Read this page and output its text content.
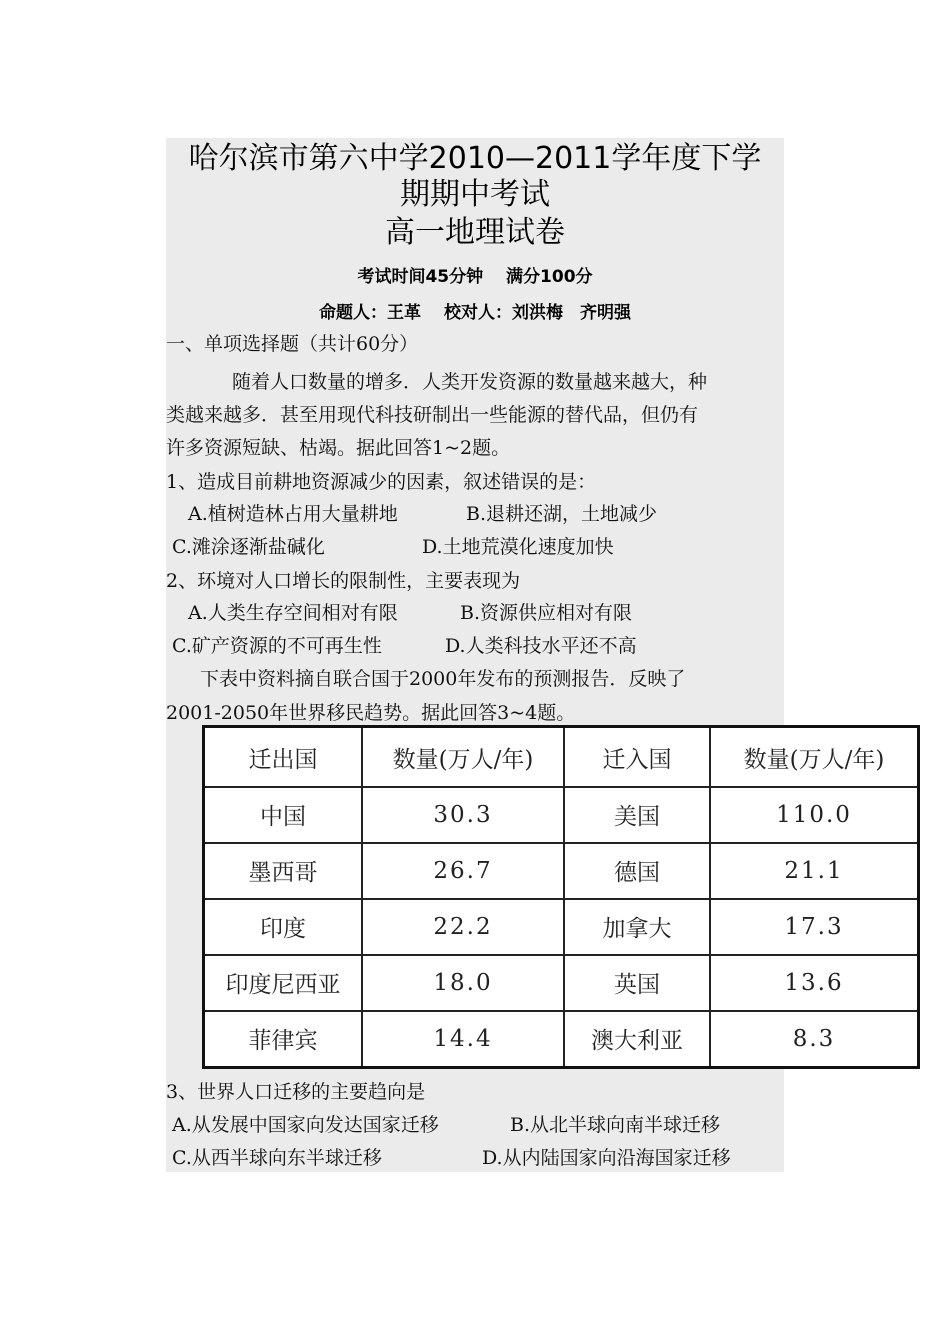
哈尔滨市第六中学2010—2011学年度下学
期期中考试
高一地理试卷
考试时间45分钟　 满分100分
命题人：王革　 校对人：刘洪梅　齐明强
一、单项选择题（共计60分）
随着人口数量的增多．人类开发资源的数量越来越大，种
类越来越多．甚至用现代科技研制出一些能源的替代品，但仍有
许多资源短缺、枯竭。据此回答1~2题。
1、造成目前耕地资源减少的因素，叙述错误的是：
A.植树造林占用大量耕地	B.退耕还湖，土地减少
C.滩涂逐渐盐碱化	D.土地荒漠化速度加快
2、环境对人口增长的限制性，主要表现为
A.人类生存空间相对有限	B.资源供应相对有限
C.矿产资源的不可再生性	D.人类科技水平还不高
下表中资料摘自联合国于2000年发布的预测报告．反映了
2001-2050年世界移民趋势。据此回答3~4题。
迁出国	数量(万人/年)	迁入国	数量(万人/年)
中国	30.3	美国	110.0
墨西哥	26.7	德国	21.1
印度	22.2	加拿大	17.3
印度尼西亚	18.0	英国	13.6
菲律宾	14.4	澳大利亚	8.3
3、世界人口迁移的主要趋向是
A.从发展中国家向发达国家迁移	B.从北半球向南半球迁移
C.从西半球向东半球迁移	D.从内陆国家向沿海国家迁移
